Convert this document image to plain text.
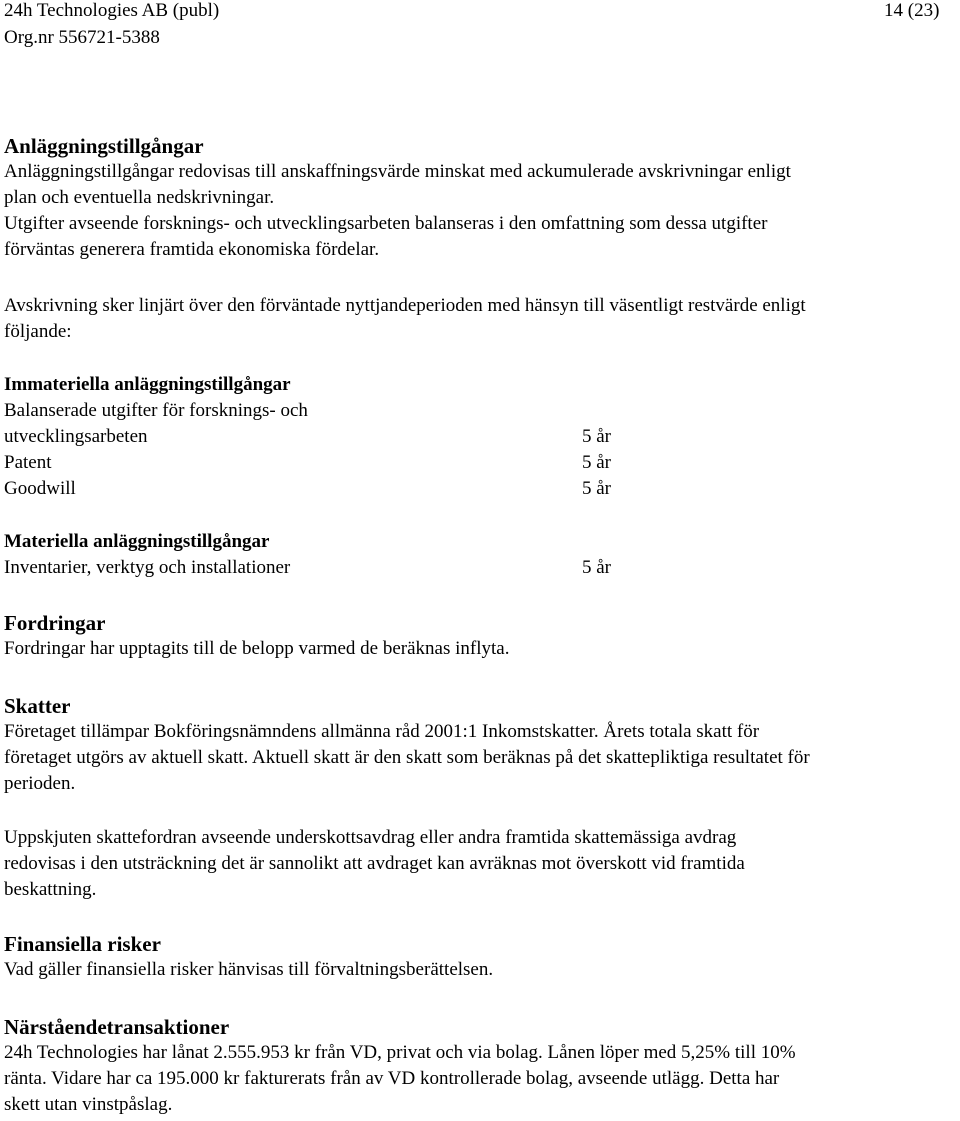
24h Technologies AB (publ)	14 (23)
Org.nr 556721-5388
Anläggningstillgångar
Anläggningstillgångar redovisas till anskaffningsvärde minskat med ackumulerade avskrivningar enligt
plan och eventuella nedskrivningar.
Utgifter avseende forsknings- och utvecklingsarbeten balanseras i den omfattning som dessa utgifter
förväntas generera framtida ekonomiska fördelar.
Avskrivning sker linjärt över den förväntade nyttjandeperioden med hänsyn till väsentligt restvärde enligt
följande:
Immateriella anläggningstillgångar
Balanserade utgifter för forsknings- och
utvecklingsarbeten	5 år
Patent	5 år
Goodwill	5 år
Materiella anläggningstillgångar
Inventarier, verktyg och installationer	5 år
Fordringar
Fordringar har upptagits till de belopp varmed de beräknas inflyta.
Skatter
Företaget tillämpar Bokföringsnämndens allmänna råd 2001:1 Inkomstskatter. Årets totala skatt för
företaget utgörs av aktuell skatt. Aktuell skatt är den skatt som beräknas på det skattepliktiga resultatet för
perioden.
Uppskjuten skattefordran avseende underskottsavdrag eller andra framtida skattemässiga avdrag
redovisas i den utsträckning det är sannolikt att avdraget kan avräknas mot överskott vid framtida
beskattning.
Finansiella risker
Vad gäller finansiella risker hänvisas till förvaltningsberättelsen.
Närståendetransaktioner
24h Technologies har lånat 2.555.953 kr från VD, privat och via bolag. Lånen löper med 5,25% till 10%
ränta. Vidare har ca 195.000 kr fakturerats från av VD kontrollerade bolag, avseende utlägg. Detta har
skett utan vinstpåslag.
